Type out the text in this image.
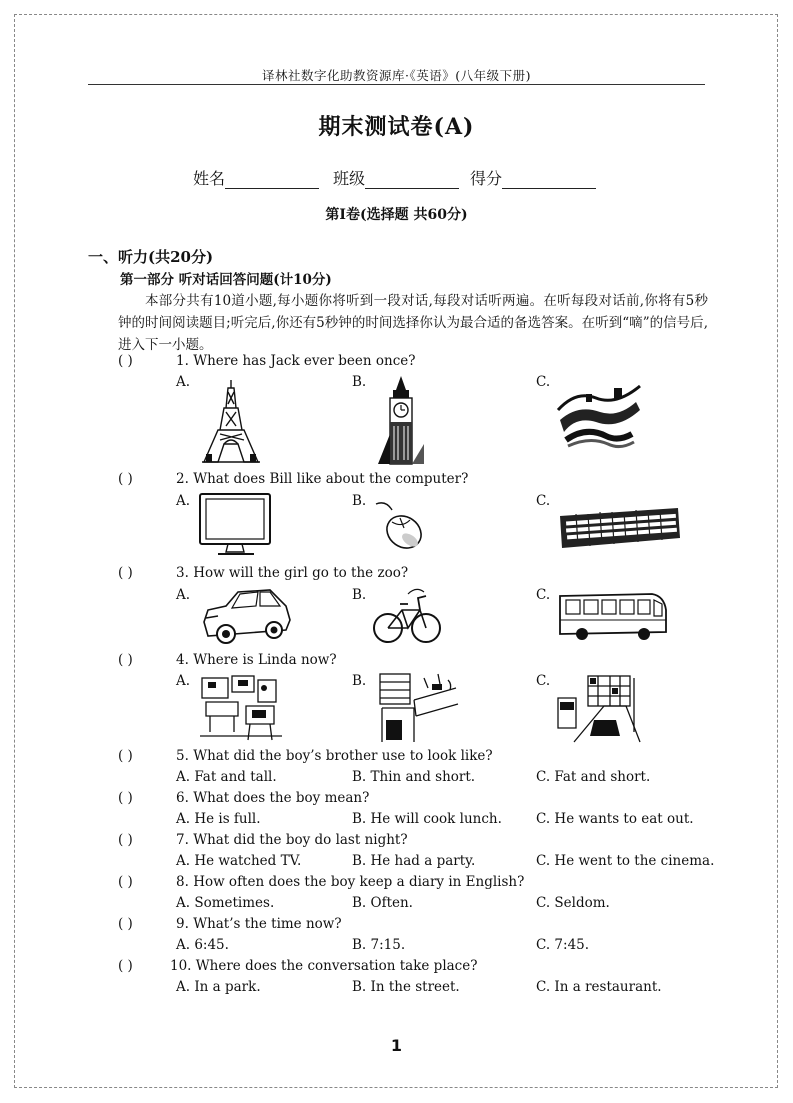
译林社数字化助教资源库·《英语》(八年级下册)
期末测试卷(A)
姓名	班级	得分
第Ⅰ卷(选择题 共60分)
一、听力(共20分)
第一部分 听对话回答问题(计10分)
本部分共有10道小题,每小题你将听到一段对话,每段对话听两遍。在听每段对话前,你将有5秒钟的时间阅读题目;听完后,你还有5秒钟的时间选择你认为最合适的备选答案。在听到“嘀”的信号后,进入下一小题。
( )	1. Where has Jack ever been once?
A.	B.	C.
( )	2. What does Bill like about the computer?
A.	B.	C.
( )	3. How will the girl go to the zoo?
A.	B.	C.
( )	4. Where is Linda now?
A.	B.	C.
( )	5. What did the boy’s brother use to look like?
A. Fat and tall.	B. Thin and short.	C. Fat and short.
( )	6. What does the boy mean?
A. He is full.	B. He will cook lunch.	C. He wants to eat out.
( )	7. What did the boy do last night?
A. He watched TV.	B. He had a party.	C. He went to the cinema.
( )	8. How often does the boy keep a diary in English?
A. Sometimes.	B. Often.	C. Seldom.
( )	9. What’s the time now?
A. 6:45.	B. 7:15.	C. 7:45.
( )	10. Where does the conversation take place?
A. In a park.	B. In the street.	C. In a restaurant.
1
